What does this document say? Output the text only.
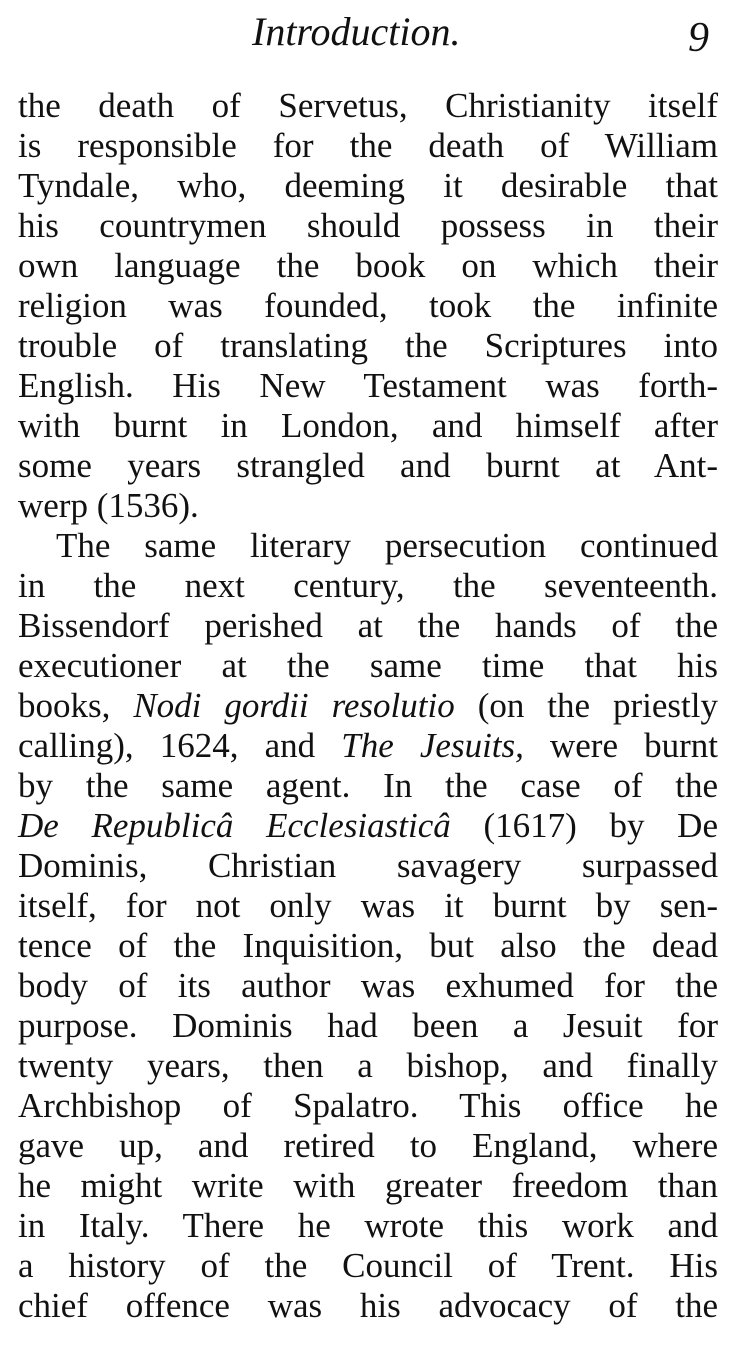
Introduction.	9
the death of Servetus, Christianity itself
is responsible for the death of William
Tyndale, who, deeming it desirable that
his countrymen should possess in their
own language the book on which their
religion was founded, took the infinite
trouble of translating the Scriptures into
English. His New Testament was forth-
with burnt in London, and himself after
some years strangled and burnt at Ant-
werp (1536).
The same literary persecution continued
in the next century, the seventeenth.
Bissendorf perished at the hands of the
executioner at the same time that his
books, Nodi gordii resolutio (on the priestly
calling), 1624, and The Jesuits, were burnt
by the same agent. In the case of the
De Republicâ Ecclesiasticâ (1617) by De
Dominis, Christian savagery surpassed
itself, for not only was it burnt by sen-
tence of the Inquisition, but also the dead
body of its author was exhumed for the
purpose. Dominis had been a Jesuit for
twenty years, then a bishop, and finally
Archbishop of Spalatro. This office he
gave up, and retired to England, where
he might write with greater freedom than
in Italy. There he wrote this work and
a history of the Council of Trent. His
chief offence was his advocacy of the
